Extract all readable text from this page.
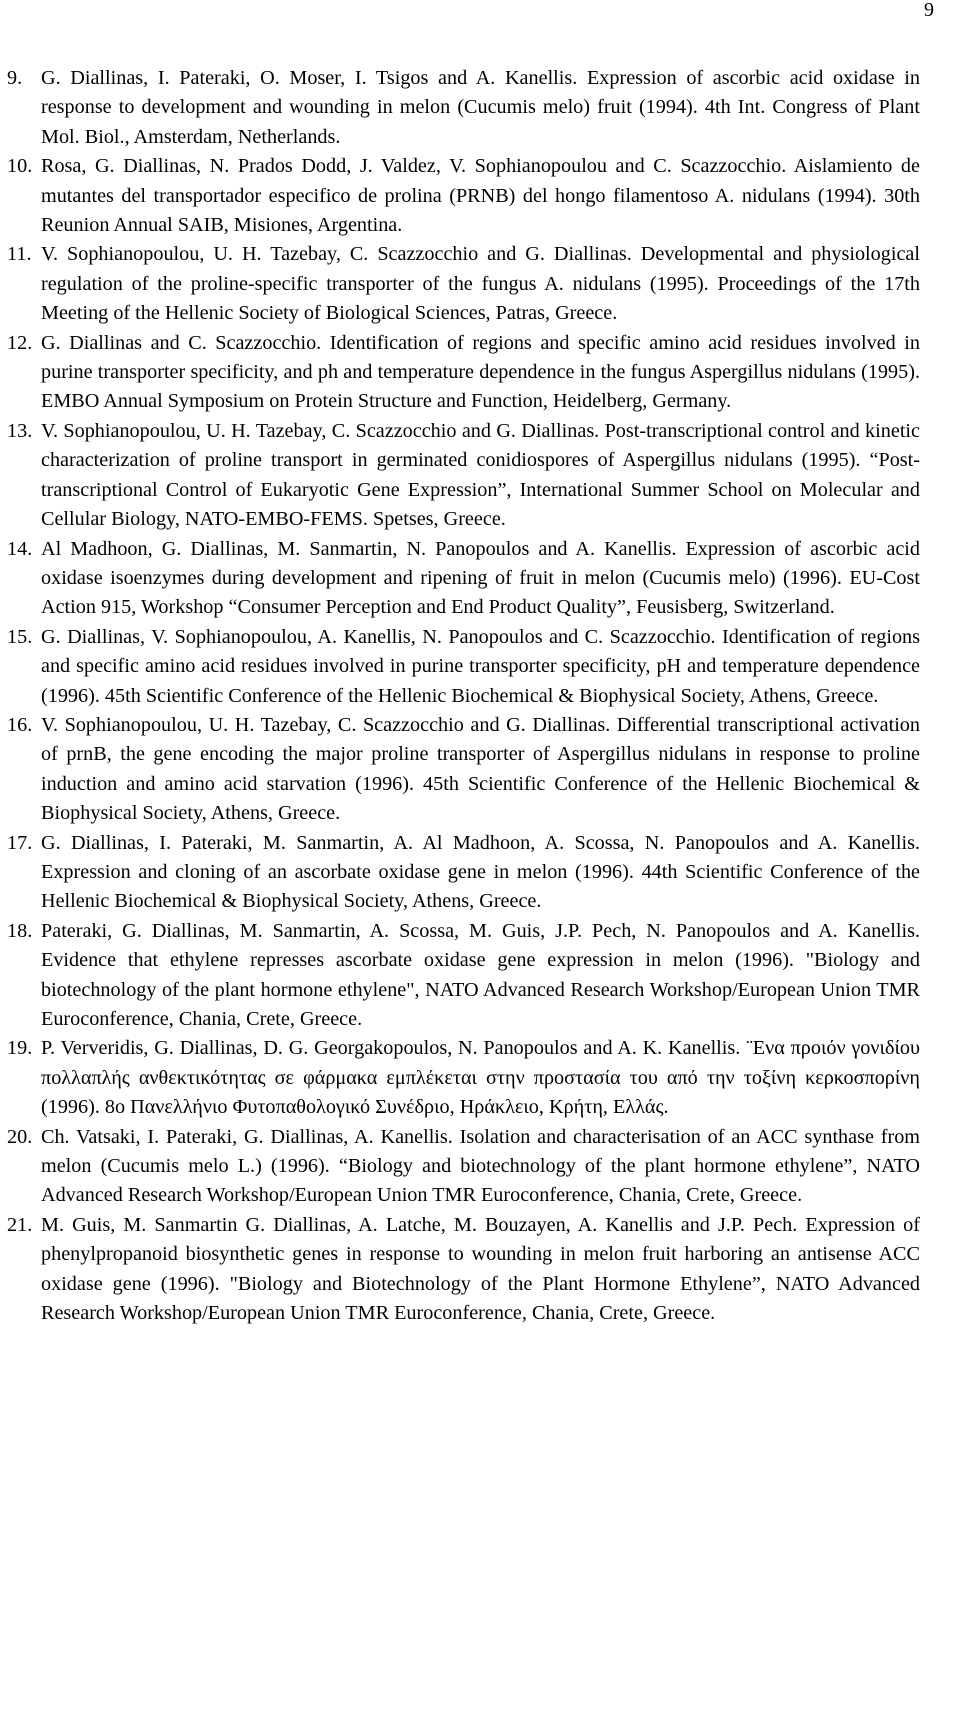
9
9. G. Diallinas, I. Pateraki, O. Moser, I. Tsigos and A. Kanellis. Expression of ascorbic acid oxidase in response to development and wounding in melon (Cucumis melo) fruit (1994). 4th Int. Congress of Plant Mol. Biol., Amsterdam, Netherlands.
10. Rosa, G. Diallinas, N. Prados Dodd, J. Valdez, V. Sophianopoulou and C. Scazzocchio. Aislamiento de mutantes del transportador especifico de prolina (PRNB) del hongo filamentoso A. nidulans (1994). 30th Reunion Annual SAIB, Misiones, Argentina.
11. V. Sophianopoulou, U. H. Tazebay, C. Scazzocchio and G. Diallinas. Developmental and physiological regulation of the proline-specific transporter of the fungus A. nidulans (1995). Proceedings of the 17th Meeting of the Hellenic Society of Biological Sciences, Patras, Greece.
12. G. Diallinas and C. Scazzocchio. Identification of regions and specific amino acid residues involved in purine transporter specificity, and ph and temperature dependence in the fungus Aspergillus nidulans (1995). EMBO Annual Symposium on Protein Structure and Function, Heidelberg, Germany.
13. V. Sophianopoulou, U. H. Tazebay, C. Scazzocchio and G. Diallinas. Post-transcriptional control and kinetic characterization of proline transport in germinated conidiospores of Aspergillus nidulans (1995). “Post-transcriptional Control of Eukaryotic Gene Expression”, International Summer School on Molecular and Cellular Biology, NATO-EMBO-FEMS. Spetses, Greece.
14. Al Madhoon, G. Diallinas, M. Sanmartin, N. Panopoulos and A. Kanellis. Expression of ascorbic acid oxidase isoenzymes during development and ripening of fruit in melon (Cucumis melo) (1996). EU-Cost Action 915, Workshop “Consumer Perception and End Product Quality”, Feusisberg, Switzerland.
15. G. Diallinas, V. Sophianopoulou, A. Kanellis, N. Panopoulos and C. Scazzocchio. Identification of regions and specific amino acid residues involved in purine transporter specificity, pH and temperature dependence (1996). 45th Scientific Conference of the Hellenic Biochemical & Biophysical Society, Athens, Greece.
16. V. Sophianopoulou, U. H. Tazebay, C. Scazzocchio and G. Diallinas. Differential transcriptional activation of prnB, the gene encoding the major proline transporter of Aspergillus nidulans in response to proline induction and amino acid starvation (1996). 45th Scientific Conference of the Hellenic Biochemical & Biophysical Society, Athens, Greece.
17. G. Diallinas, I. Pateraki, M. Sanmartin, A. Al Madhoon, A. Scossa, N. Panopoulos and A. Kanellis. Expression and cloning of an ascorbate oxidase gene in melon (1996). 44th Scientific Conference of the Hellenic Biochemical & Biophysical Society, Athens, Greece.
18. Pateraki, G. Diallinas, M. Sanmartin, A. Scossa, M. Guis, J.P. Pech, N. Panopoulos and A. Kanellis. Evidence that ethylene represses ascorbate oxidase gene expression in melon (1996). "Biology and biotechnology of the plant hormone ethylene", NATO Advanced Research Workshop/European Union TMR Euroconference, Chania, Crete, Greece.
19. P. Ververidis, G. Diallinas, D. G. Georgakopoulos, N. Panopoulos and A. K. Kanellis. ¨Ενα προιόν γονιδίου πολλαπλής ανθεκτικότητας σε φάρμακα εμπλέκεται στην προστασία του από την τοξίνη κερκοσπορίνη (1996). 8ο Πανελλήνιο Φυτοπαθολογικό Συνέδριο, Ηράκλειο, Κρήτη, Ελλάς.
20. Ch. Vatsaki, I. Pateraki, G. Diallinas, A. Kanellis. Isolation and characterisation of an ACC synthase from melon (Cucumis melo L.) (1996). “Biology and biotechnology of the plant hormone ethylene”, NATO Advanced Research Workshop/European Union TMR Euroconference, Chania, Crete, Greece.
21. M. Guis, M. Sanmartin G. Diallinas, A. Latche, M. Bouzayen, A. Kanellis and J.P. Pech. Expression of phenylpropanoid biosynthetic genes in response to wounding in melon fruit harboring an antisense ACC oxidase gene (1996). "Biology and Biotechnology of the Plant Hormone Ethylene”, NATO Advanced Research Workshop/European Union TMR Euroconference, Chania, Crete, Greece.
